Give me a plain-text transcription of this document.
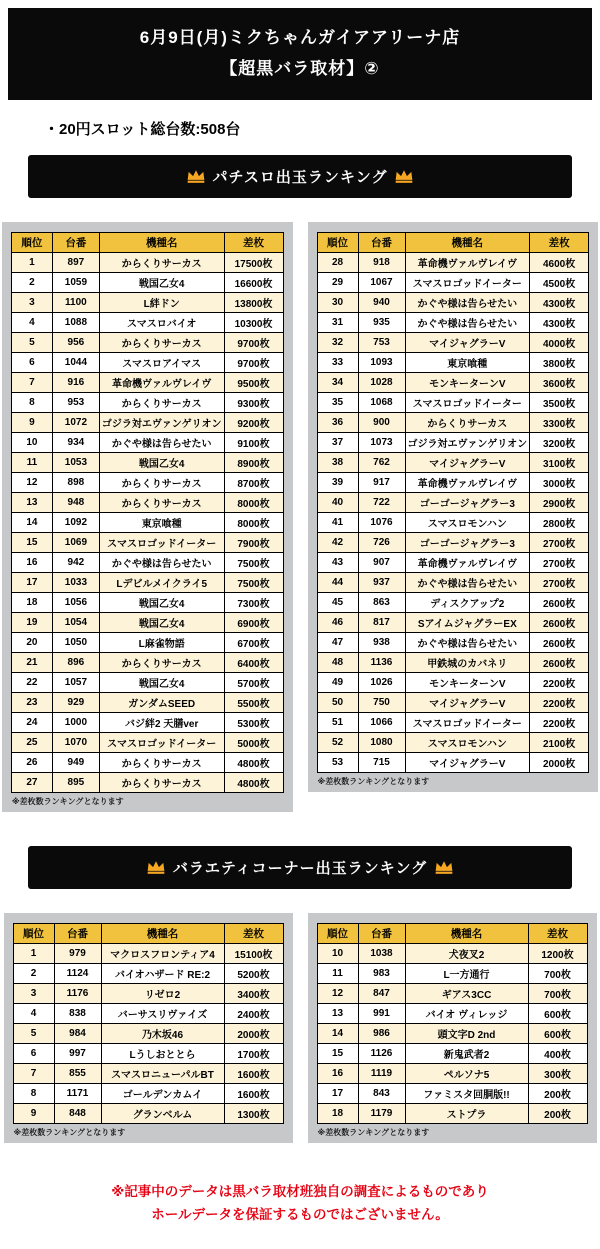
6月9日(月)ミクちゃんガイアアリーナ店
【超黒バラ取材】②
・20円スロット総台数:508台
パチスロ出玉ランキング
順位	台番	機種名	差枚
1	897	からくりサーカス	17500枚
2	1059	戦国乙女4	16600枚
3	1100	L絆ドン	13800枚
4	1088	スマスロバイオ	10300枚
5	956	からくりサーカス	9700枚
6	1044	スマスロアイマス	9700枚
7	916	革命機ヴァルヴレイヴ	9500枚
8	953	からくりサーカス	9300枚
9	1072	ゴジラ対エヴァンゲリオン	9200枚
10	934	かぐや様は告らせたい	9100枚
11	1053	戦国乙女4	8900枚
12	898	からくりサーカス	8700枚
13	948	からくりサーカス	8000枚
14	1092	東京喰種	8000枚
15	1069	スマスロゴッドイーター	7900枚
16	942	かぐや様は告らせたい	7500枚
17	1033	Lデビルメイクライ5	7500枚
18	1056	戦国乙女4	7300枚
19	1054	戦国乙女4	6900枚
20	1050	L麻雀物語	6700枚
21	896	からくりサーカス	6400枚
22	1057	戦国乙女4	5700枚
23	929	ガンダムSEED	5500枚
24	1000	バジ絆2 天膳ver	5300枚
25	1070	スマスロゴッドイーター	5000枚
26	949	からくりサーカス	4800枚
27	895	からくりサーカス	4800枚
※差枚数ランキングとなります
順位	台番	機種名	差枚
28	918	革命機ヴァルヴレイヴ	4600枚
29	1067	スマスロゴッドイーター	4500枚
30	940	かぐや様は告らせたい	4300枚
31	935	かぐや様は告らせたい	4300枚
32	753	マイジャグラーV	4000枚
33	1093	東京喰種	3800枚
34	1028	モンキーターンV	3600枚
35	1068	スマスロゴッドイーター	3500枚
36	900	からくりサーカス	3300枚
37	1073	ゴジラ対エヴァンゲリオン	3200枚
38	762	マイジャグラーV	3100枚
39	917	革命機ヴァルヴレイヴ	3000枚
40	722	ゴーゴージャグラー3	2900枚
41	1076	スマスロモンハン	2800枚
42	726	ゴーゴージャグラー3	2700枚
43	907	革命機ヴァルヴレイヴ	2700枚
44	937	かぐや様は告らせたい	2700枚
45	863	ディスクアップ2	2600枚
46	817	SアイムジャグラーEX	2600枚
47	938	かぐや様は告らせたい	2600枚
48	1136	甲鉄城のカバネリ	2600枚
49	1026	モンキーターンV	2200枚
50	750	マイジャグラーV	2200枚
51	1066	スマスロゴッドイーター	2200枚
52	1080	スマスロモンハン	2100枚
53	715	マイジャグラーV	2000枚
※差枚数ランキングとなります
バラエティコーナー出玉ランキング
順位	台番	機種名	差枚
1	979	マクロスフロンティア4	15100枚
2	1124	バイオハザード RE:2	5200枚
3	1176	リゼロ2	3400枚
4	838	バーサスリヴァイズ	2400枚
5	984	乃木坂46	2000枚
6	997	Lうしおととら	1700枚
7	855	スマスロニューパルBT	1600枚
8	1171	ゴールデンカムイ	1600枚
9	848	グランベルム	1300枚
※差枚数ランキングとなります
順位	台番	機種名	差枚
10	1038	犬夜叉2	1200枚
11	983	L一方通行	700枚
12	847	ギアス3CC	700枚
13	991	バイオ ヴィレッジ	600枚
14	986	頭文字D 2nd	600枚
15	1126	新鬼武者2	400枚
16	1119	ペルソナ5	300枚
17	843	ファミスタ回胴版!!	200枚
18	1179	ストプラ	200枚
※差枚数ランキングとなります
※記事中のデータは黒バラ取材班独自の調査によるものであり
ホールデータを保証するものではございません。
